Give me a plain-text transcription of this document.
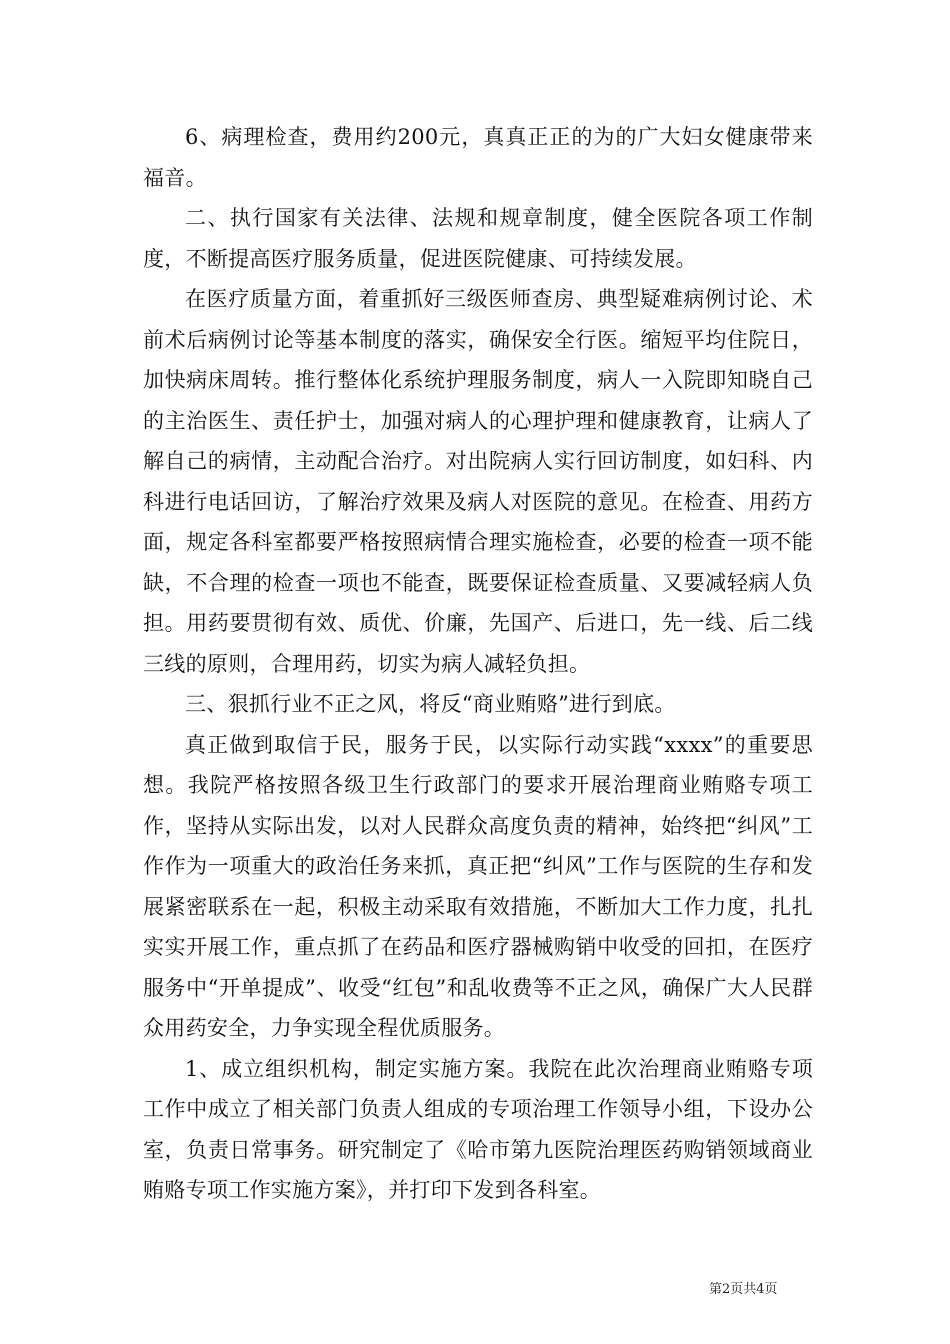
6、病理检查，费用约200元，真真正正的为的广大妇女健康带来福音。

二、执行国家有关法律、法规和规章制度，健全医院各项工作制度，不断提高医疗服务质量，促进医院健康、可持续发展。

在医疗质量方面，着重抓好三级医师查房、典型疑难病例讨论、术前术后病例讨论等基本制度的落实，确保安全行医。缩短平均住院日，加快病床周转。推行整体化系统护理服务制度，病人一入院即知晓自己的主治医生、责任护士，加强对病人的心理护理和健康教育，让病人了解自己的病情，主动配合治疗。对出院病人实行回访制度，如妇科、内科进行电话回访，了解治疗效果及病人对医院的意见。在检查、用药方面，规定各科室都要严格按照病情合理实施检查，必要的检查一项不能缺，不合理的检查一项也不能查，既要保证检查质量、又要减轻病人负担。用药要贯彻有效、质优、价廉，先国产、后进口，先一线、后二线三线的原则，合理用药，切实为病人减轻负担。

三、狠抓行业不正之风，将反“商业贿赂”进行到底。

真正做到取信于民，服务于民，以实际行动实践“xxxx”的重要思想。我院严格按照各级卫生行政部门的要求开展治理商业贿赂专项工作，坚持从实际出发，以对人民群众高度负责的精神，始终把“纠风”工作作为一项重大的政治任务来抓，真正把“纠风”工作与医院的生存和发展紧密联系在一起，积极主动采取有效措施，不断加大工作力度，扎扎实实开展工作，重点抓了在药品和医疗器械购销中收受的回扣，在医疗服务中“开单提成”、收受“红包”和乱收费等不正之风，确保广大人民群众用药安全，力争实现全程优质服务。

1、成立组织机构，制定实施方案。我院在此次治理商业贿赂专项工作中成立了相关部门负责人组成的专项治理工作领导小组，下设办公室，负责日常事务。研究制定了《哈市第九医院治理医药购销领域商业贿赂专项工作实施方案》，并打印下发到各科室。

第2页共4页
